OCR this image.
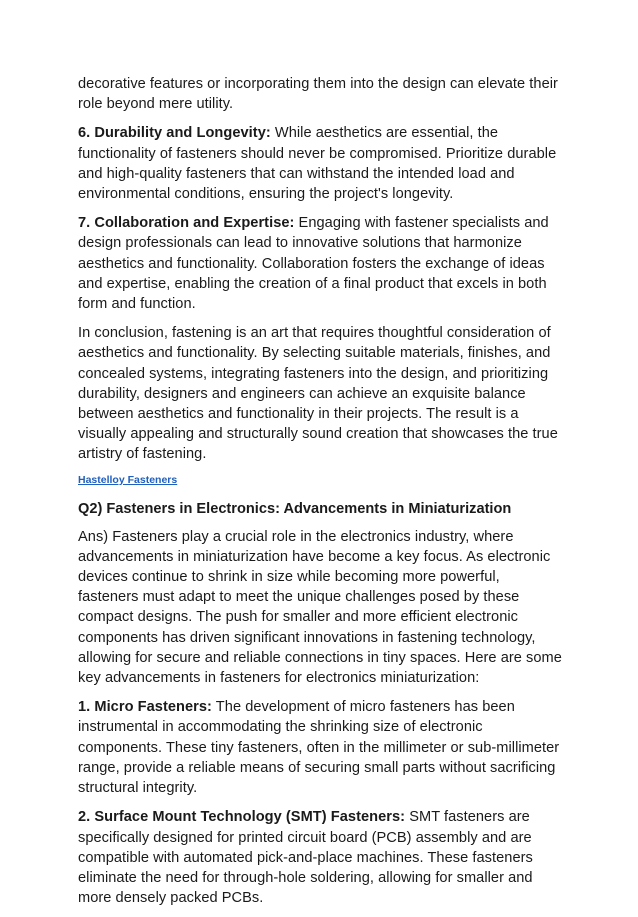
decorative features or incorporating them into the design can elevate their role beyond mere utility.

6. Durability and Longevity: While aesthetics are essential, the functionality of fasteners should never be compromised. Prioritize durable and high-quality fasteners that can withstand the intended load and environmental conditions, ensuring the project's longevity.

7. Collaboration and Expertise: Engaging with fastener specialists and design professionals can lead to innovative solutions that harmonize aesthetics and functionality. Collaboration fosters the exchange of ideas and expertise, enabling the creation of a final product that excels in both form and function.

In conclusion, fastening is an art that requires thoughtful consideration of aesthetics and functionality. By selecting suitable materials, finishes, and concealed systems, integrating fasteners into the design, and prioritizing durability, designers and engineers can achieve an exquisite balance between aesthetics and functionality in their projects. The result is a visually appealing and structurally sound creation that showcases the true artistry of fastening.

Hastelloy Fasteners

Q2) Fasteners in Electronics: Advancements in Miniaturization

Ans) Fasteners play a crucial role in the electronics industry, where advancements in miniaturization have become a key focus. As electronic devices continue to shrink in size while becoming more powerful, fasteners must adapt to meet the unique challenges posed by these compact designs. The push for smaller and more efficient electronic components has driven significant innovations in fastening technology, allowing for secure and reliable connections in tiny spaces. Here are some key advancements in fasteners for electronics miniaturization:

1. Micro Fasteners: The development of micro fasteners has been instrumental in accommodating the shrinking size of electronic components. These tiny fasteners, often in the millimeter or sub-millimeter range, provide a reliable means of securing small parts without sacrificing structural integrity.

2. Surface Mount Technology (SMT) Fasteners: SMT fasteners are specifically designed for printed circuit board (PCB) assembly and are compatible with automated pick-and-place machines. These fasteners eliminate the need for through-hole soldering, allowing for smaller and more densely packed PCBs.
